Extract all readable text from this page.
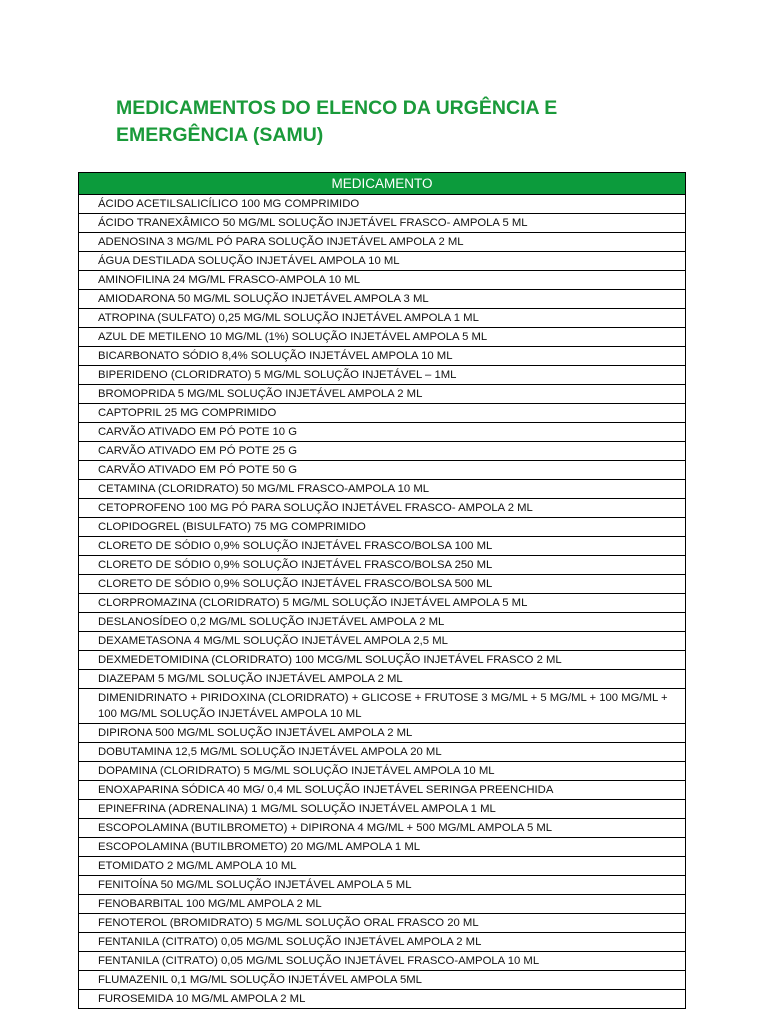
MEDICAMENTOS DO ELENCO DA URGÊNCIA E
EMERGÊNCIA (SAMU)
MEDICAMENTO
ÁCIDO ACETILSALICÍLICO 100 MG COMPRIMIDO
ÁCIDO TRANEXÂMICO 50 MG/ML SOLUÇÃO INJETÁVEL FRASCO- AMPOLA 5 ML
ADENOSINA 3 MG/ML PÓ PARA SOLUÇÃO INJETÁVEL AMPOLA 2 ML
ÁGUA DESTILADA SOLUÇÃO INJETÁVEL AMPOLA 10 ML
AMINOFILINA 24 MG/ML FRASCO-AMPOLA 10 ML
AMIODARONA 50 MG/ML SOLUÇÃO INJETÁVEL AMPOLA 3 ML
ATROPINA (SULFATO) 0,25 MG/ML SOLUÇÃO INJETÁVEL AMPOLA 1 ML
AZUL DE METILENO 10 MG/ML (1%) SOLUÇÃO INJETÁVEL AMPOLA 5 ML
BICARBONATO SÓDIO 8,4% SOLUÇÃO INJETÁVEL AMPOLA 10 ML
BIPERIDENO (CLORIDRATO) 5 MG/ML SOLUÇÃO INJETÁVEL – 1ML
BROMOPRIDA 5 MG/ML SOLUÇÃO INJETÁVEL AMPOLA 2 ML
CAPTOPRIL 25 MG COMPRIMIDO
CARVÃO ATIVADO EM PÓ POTE 10 G
CARVÃO ATIVADO EM PÓ POTE 25 G
CARVÃO ATIVADO EM PÓ POTE 50 G
CETAMINA (CLORIDRATO) 50 MG/ML FRASCO-AMPOLA 10 ML
CETOPROFENO 100 MG PÓ PARA SOLUÇÃO INJETÁVEL FRASCO- AMPOLA 2 ML
CLOPIDOGREL (BISULFATO) 75 MG COMPRIMIDO
CLORETO DE SÓDIO 0,9% SOLUÇÃO INJETÁVEL FRASCO/BOLSA 100 ML
CLORETO DE SÓDIO 0,9% SOLUÇÃO INJETÁVEL FRASCO/BOLSA 250 ML
CLORETO DE SÓDIO 0,9% SOLUÇÃO INJETÁVEL FRASCO/BOLSA 500 ML
CLORPROMAZINA (CLORIDRATO) 5 MG/ML SOLUÇÃO INJETÁVEL AMPOLA 5 ML
DESLANOSÍDEO 0,2 MG/ML SOLUÇÃO INJETÁVEL AMPOLA 2 ML
DEXAMETASONA 4 MG/ML SOLUÇÃO INJETÁVEL AMPOLA 2,5 ML
DEXMEDETOMIDINA (CLORIDRATO) 100 MCG/ML SOLUÇÃO INJETÁVEL FRASCO 2 ML
DIAZEPAM 5 MG/ML SOLUÇÃO INJETÁVEL AMPOLA 2 ML
DIMENIDRINATO + PIRIDOXINA (CLORIDRATO) + GLICOSE + FRUTOSE 3 MG/ML + 5 MG/ML + 100 MG/ML + 100 MG/ML SOLUÇÃO INJETÁVEL AMPOLA 10 ML
DIPIRONA 500 MG/ML SOLUÇÃO INJETÁVEL AMPOLA 2 ML
DOBUTAMINA 12,5 MG/ML SOLUÇÃO INJETÁVEL AMPOLA 20 ML
DOPAMINA (CLORIDRATO) 5 MG/ML SOLUÇÃO INJETÁVEL AMPOLA 10 ML
ENOXAPARINA SÓDICA 40 MG/ 0,4 ML SOLUÇÃO INJETÁVEL SERINGA PREENCHIDA
EPINEFRINA (ADRENALINA) 1 MG/ML SOLUÇÃO INJETÁVEL AMPOLA 1 ML
ESCOPOLAMINA (BUTILBROMETO) + DIPIRONA 4 MG/ML + 500 MG/ML AMPOLA 5 ML
ESCOPOLAMINA (BUTILBROMETO) 20 MG/ML AMPOLA 1 ML
ETOMIDATO 2 MG/ML AMPOLA 10 ML
FENITOÍNA 50 MG/ML SOLUÇÃO INJETÁVEL AMPOLA 5 ML
FENOBARBITAL 100 MG/ML AMPOLA 2 ML
FENOTEROL (BROMIDRATO) 5 MG/ML SOLUÇÃO ORAL FRASCO 20 ML
FENTANILA (CITRATO) 0,05 MG/ML SOLUÇÃO INJETÁVEL AMPOLA 2 ML
FENTANILA (CITRATO) 0,05 MG/ML SOLUÇÃO INJETÁVEL FRASCO-AMPOLA 10 ML
FLUMAZENIL 0,1 MG/ML SOLUÇÃO INJETÁVEL AMPOLA 5ML
FUROSEMIDA 10 MG/ML AMPOLA 2 ML
